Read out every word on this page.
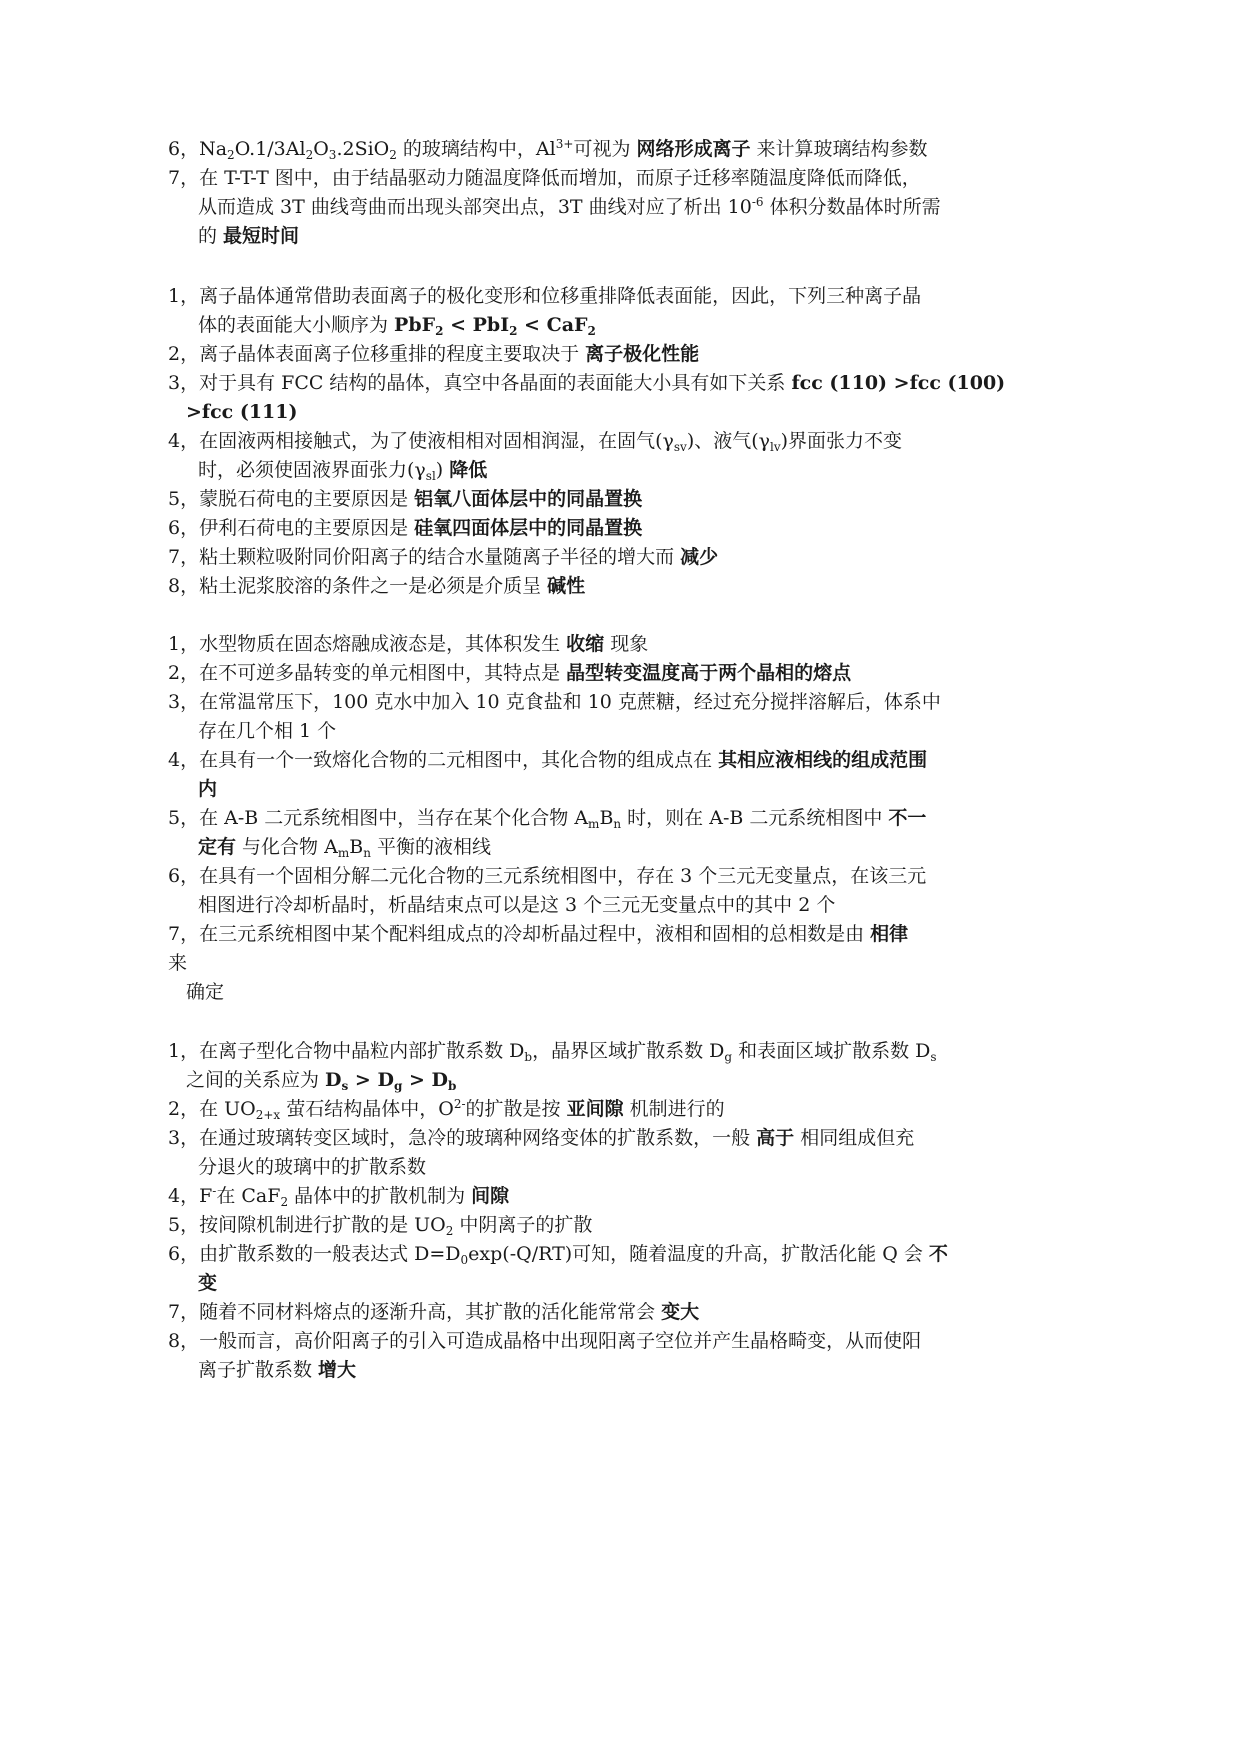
6，$Na_2O.1/3Al_2O_3.2SiO_2$ 的玻璃结构中，$Al^{3+}$可视为 网络形成离子 来计算玻璃结构参数
7，在 T-T-T 图中，由于结晶驱动力随温度降低而增加，而原子迁移率随温度降低而降低，
从而造成 3T 曲线弯曲而出现头部突出点，3T 曲线对应了析出 $10^{-6}$ 体积分数晶体时所需
的 最短时间
1，离子晶体通常借助表面离子的极化变形和位移重排降低表面能，因此，下列三种离子晶
体的表面能大小顺序为 PbF$_2$ < PbI$_2$ < CaF$_2$
2，离子晶体表面离子位移重排的程度主要取决于 离子极化性能
3，对于具有 FCC 结构的晶体，真空中各晶面的表面能大小具有如下关系 fcc (110) >fcc (100)
>fcc (111)
4，在固液两相接触式，为了使液相相对固相润湿，在固气$(\gamma_{sv})$、液气$(\gamma_{lv})$界面张力不变
时，必须使固液界面张力$(\gamma_{sl})$ 降低
5，蒙脱石荷电的主要原因是 铝氧八面体层中的同晶置换
6，伊利石荷电的主要原因是 硅氧四面体层中的同晶置换
7，粘土颗粒吸附同价阳离子的结合水量随离子半径的增大而 减少
8，粘土泥浆胶溶的条件之一是必须是介质呈 碱性
1，水型物质在固态熔融成液态是，其体积发生 收缩 现象
2，在不可逆多晶转变的单元相图中，其特点是 晶型转变温度高于两个晶相的熔点
3，在常温常压下，100 克水中加入 10 克食盐和 10 克蔗糖，经过充分搅拌溶解后，体系中
存在几个相 1 个
4，在具有一个一致熔化合物的二元相图中，其化合物的组成点在 其相应液相线的组成范围
内
5，在 A-B 二元系统相图中，当存在某个化合物 $A_mB_n$ 时，则在 A-B 二元系统相图中 不一
定有 与化合物 $A_mB_n$ 平衡的液相线
6，在具有一个固相分解二元化合物的三元系统相图中，存在 3 个三元无变量点，在该三元
相图进行冷却析晶时，析晶结束点可以是这 3 个三元无变量点中的其中 2 个
7，在三元系统相图中某个配料组成点的冷却析晶过程中，液相和固相的总相数是由 相律
来
确定
1，在离子型化合物中晶粒内部扩散系数 $D_b$，晶界区域扩散系数 $D_g$ 和表面区域扩散系数 $D_s$
之间的关系应为 $D_s > D_g > D_b$
2，在 $UO_{2+x}$ 萤石结构晶体中，$O^{2-}$的扩散是按 亚间隙 机制进行的
3，在通过玻璃转变区域时，急冷的玻璃种网络变体的扩散系数，一般 高于 相同组成但充
分退火的玻璃中的扩散系数
4，F-在 CaF$_2$ 晶体中的扩散机制为 间隙
5，按间隙机制进行扩散的是 $UO_2$ 中阴离子的扩散
6，由扩散系数的一般表达式 $D=D_0\exp(-Q/RT)$可知，随着温度的升高，扩散活化能 Q 会 不
变
7，随着不同材料熔点的逐渐升高，其扩散的活化能常常会 变大
8，一般而言，高价阳离子的引入可造成晶格中出现阳离子空位并产生晶格畸变，从而使阳
离子扩散系数 增大
